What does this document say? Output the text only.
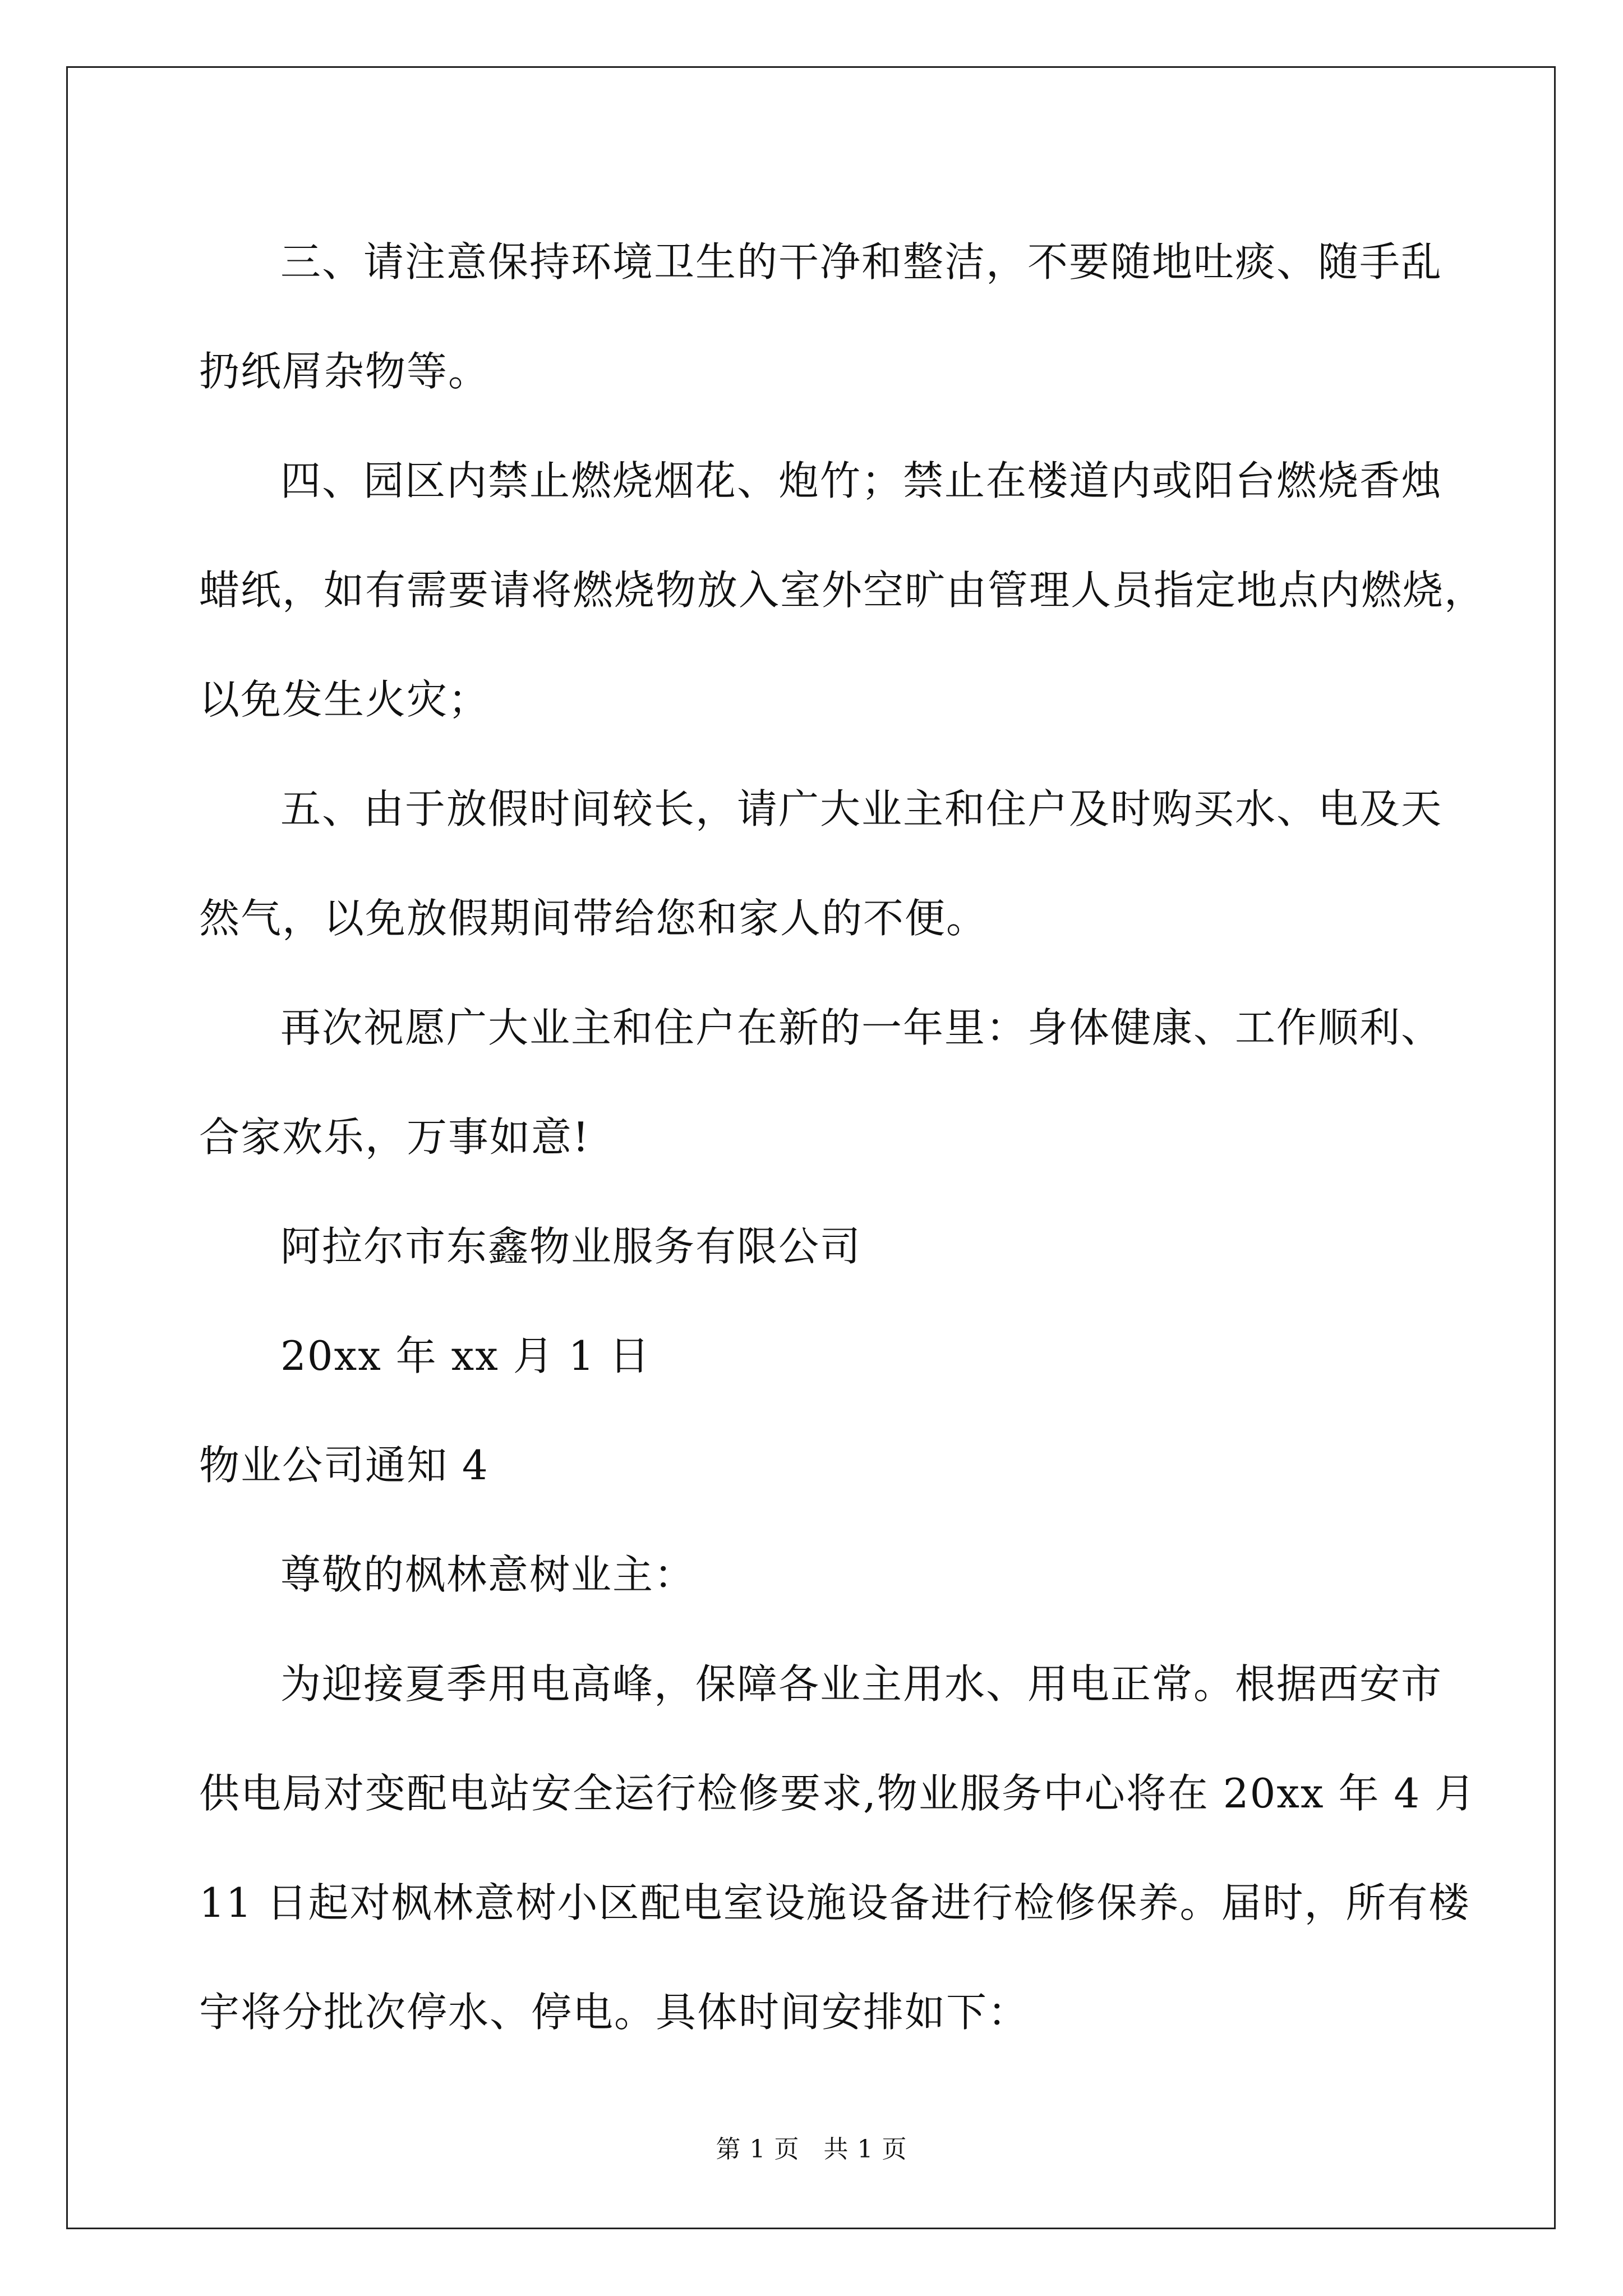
三、请注意保持环境卫生的干净和整洁，不要随地吐痰、随手乱

扔纸屑杂物等。

四、园区内禁止燃烧烟花、炮竹；禁止在楼道内或阳台燃烧香烛

蜡纸，如有需要请将燃烧物放入室外空旷由管理人员指定地点内燃烧，

以免发生火灾；

五、由于放假时间较长，请广大业主和住户及时购买水、电及天

然气，以免放假期间带给您和家人的不便。

再次祝愿广大业主和住户在新的一年里：身体健康、工作顺利、

合家欢乐，万事如意!

阿拉尔市东鑫物业服务有限公司

20xx 年 xx 月 1 日

物业公司通知 4

尊敬的枫林意树业主：

为迎接夏季用电高峰，保障各业主用水、用电正常。根据西安市

供电局对变配电站安全运行检修要求,物业服务中心将在 20xx 年 4 月

11 日起对枫林意树小区配电室设施设备进行检修保养。届时，所有楼

宇将分批次停水、停电。具体时间安排如下：

第 1 页 共 1 页
